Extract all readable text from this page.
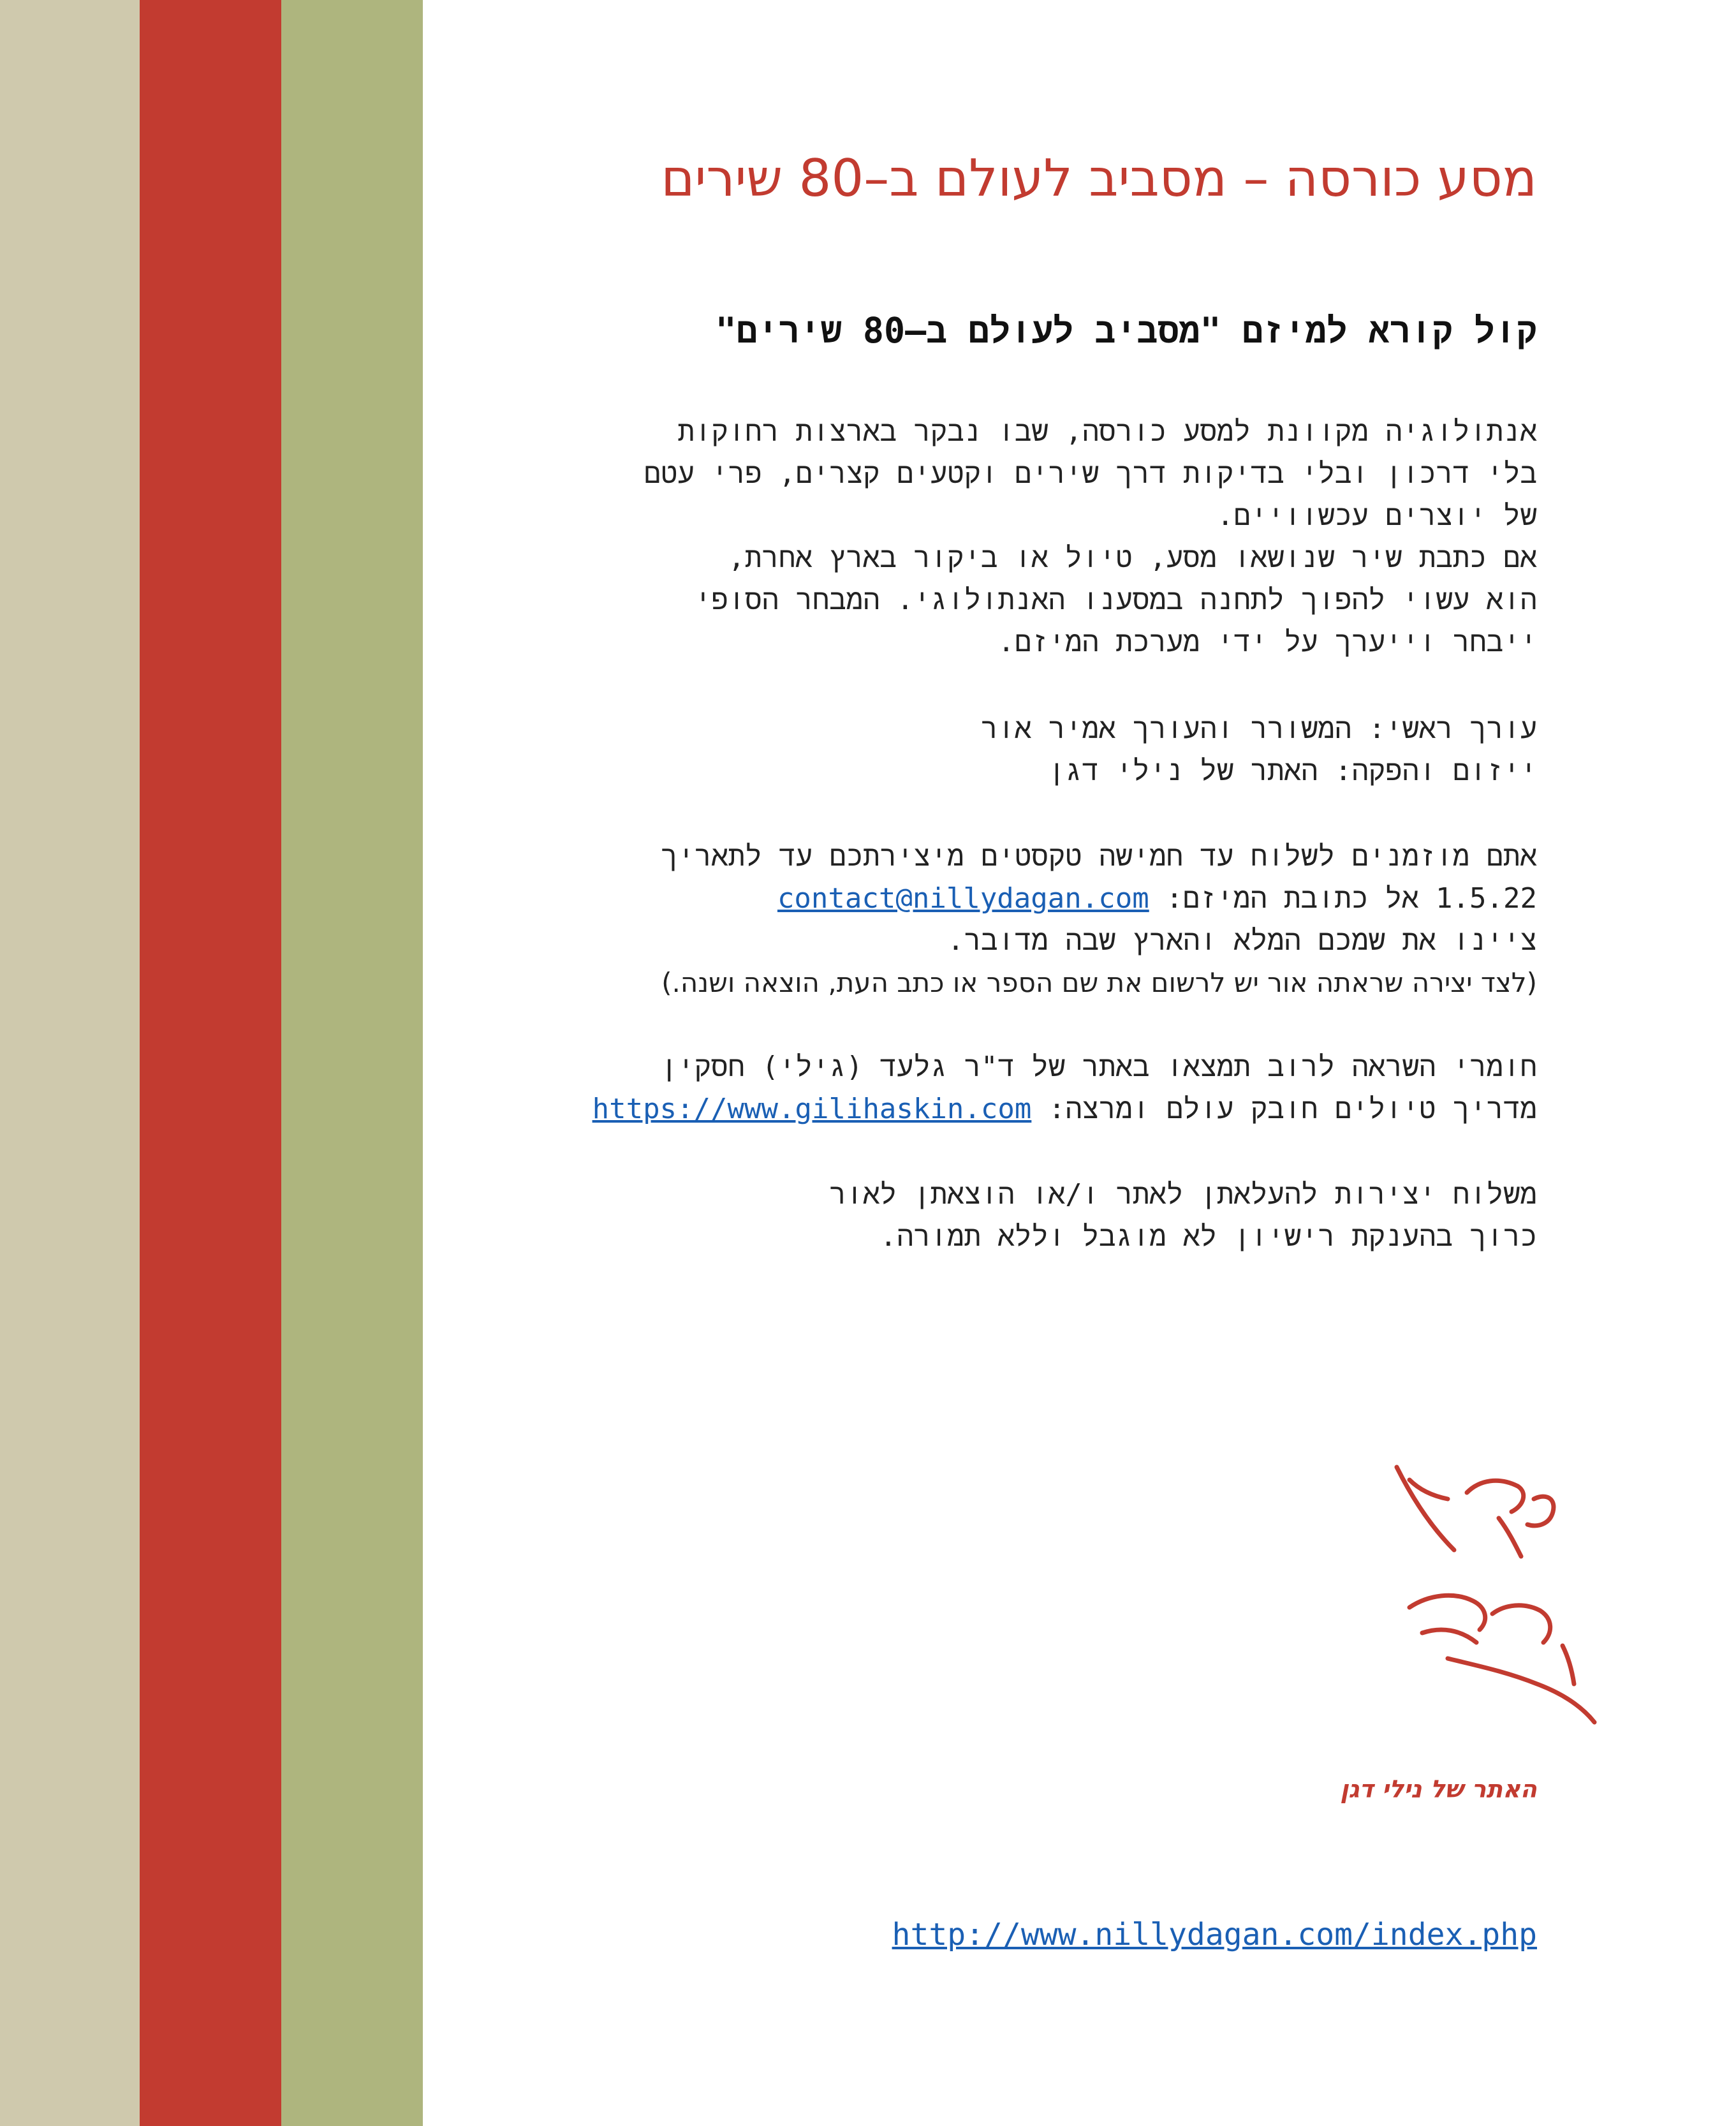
מסע כורסה – מסביב לעולם ב–80 שירים
קול קורא למיזם "מסביב לעולם ב–80 שירים"
אנתולוגיה מקוונת למסע כורסה, שבו נבקר בארצות רחוקות
בלי דרכון ובלי בדיקות דרך שירים וקטעים קצרים, פרי עטם
של יוצרים עכשוויים.
אם כתבת שיר שנושאו מסע, טיול או ביקור בארץ אחרת,
הוא עשוי להפוך לתחנה במסענו האנתולוגי. המבחר הסופי
ייבחר וייערך על ידי מערכת המיזם.
עורך ראשי: המשורר והעורך אמיר אור
ייזום והפקה: האתר של נילי דגן
אתם מוזמנים לשלוח עד חמישה טקסטים מיצירתכם עד לתאריך
1.5.22 אל כתובת המיזם: contact@nillydagan.com
ציינו את שמכם המלא והארץ שבה מדובר.
(לצד יצירה שראתה אור יש לרשום את שם הספר או כתב העת, הוצאה ושנה.)
חומרי השראה לרוב תמצאו באתר של ד"ר גלעד (גילי) חסקין
מדריך טיולים חובק עולם ומרצה: https://www.gilihaskin.com
משלוח יצירות להעלאתן לאתר ו/או הוצאתן לאור
כרוך בהענקת רישיון לא מוגבל וללא תמורה.
האתר של נילי דגן
http://www.nillydagan.com/index.php
